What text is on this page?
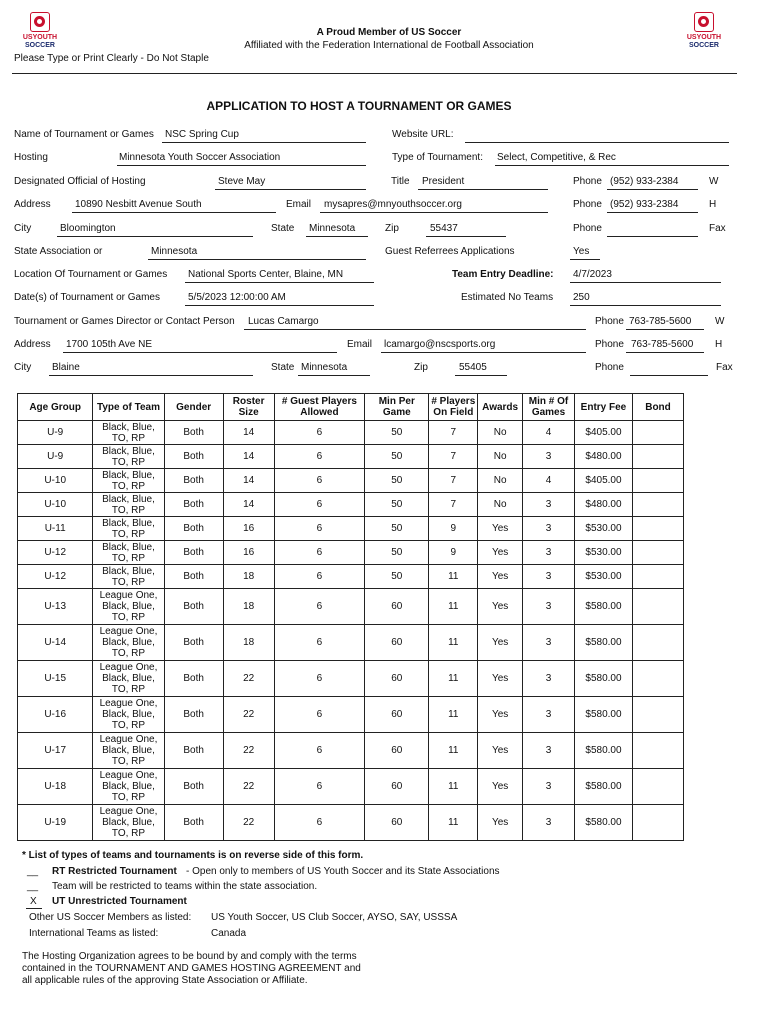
USYOUTH
SOCCER
USYOUTH
SOCCER
A Proud Member of US Soccer
Affiliated with the Federation International de Football Association
Please Type or Print Clearly - Do Not Staple
APPLICATION TO HOST A TOURNAMENT OR GAMES
Name of Tournament or Games NSC Spring Cup	Website URL:
Hosting	Minnesota Youth Soccer Association	Type of Tournament: Select, Competitive, & Rec
Designated Official of Hosting	Steve May	Title President	Phone (952) 933-2384	W
Address 10890 Nesbitt Avenue South	Email mysapres@mnyouthsoccer.org	Phone (952) 933-2384	H
City	Bloomington	State Minnesota	Zip	55437	Phone	Fax
State Association or	Minnesota	Guest Referrees Applications	Yes
Location Of Tournament or Games National Sports Center, Blaine, MN	Team Entry Deadline: 4/7/2023
Date(s) of Tournament or Games	5/5/2023 12:00:00 AM	Estimated No Teams 250
Tournament or Games Director or Contact Person Lucas Camargo	Phone 763-785-5600 W
Address 1700 105th Ave NE	Email lcamargo@nscsports.org	Phone 763-785-5600 H
City Blaine	State Minnesota	Zip	55405	Phone	Fax
Age Group	Type of Team	Gender	Roster Size	# Guest Players Allowed	Min Per Game	# Players On Field	Awards	Min # Of Games	Entry Fee	Bond
U-9	Black, Blue, TO, RP	Both	14	6	50	7	No	4	$405.00	
U-9	Black, Blue, TO, RP	Both	14	6	50	7	No	3	$480.00	
U-10	Black, Blue, TO, RP	Both	14	6	50	7	No	4	$405.00	
U-10	Black, Blue, TO, RP	Both	14	6	50	7	No	3	$480.00	
U-11	Black, Blue, TO, RP	Both	16	6	50	9	Yes	3	$530.00	
U-12	Black, Blue, TO, RP	Both	16	6	50	9	Yes	3	$530.00	
U-12	Black, Blue, TO, RP	Both	18	6	50	11	Yes	3	$530.00	
U-13	League One, Black, Blue, TO, RP	Both	18	6	60	11	Yes	3	$580.00	
U-14	League One, Black, Blue, TO, RP	Both	18	6	60	11	Yes	3	$580.00	
U-15	League One, Black, Blue, TO, RP	Both	22	6	60	11	Yes	3	$580.00	
U-16	League One, Black, Blue, TO, RP	Both	22	6	60	11	Yes	3	$580.00	
U-17	League One, Black, Blue, TO, RP	Both	22	6	60	11	Yes	3	$580.00	
U-18	League One, Black, Blue, TO, RP	Both	22	6	60	11	Yes	3	$580.00	
U-19	League One, Black, Blue, TO, RP	Both	22	6	60	11	Yes	3	$580.00	
* List of types of teams and tournaments is on reverse side of this form.
__ RT Restricted Tournament - Open only to members of US Youth Soccer and its State Associations
__ Team will be restricted to teams within the state association.
X UT Unrestricted Tournament
Other US Soccer Members as listed: US Youth Soccer, US Club Soccer, AYSO, SAY, USSSA
International Teams as listed:	Canada
The Hosting Organization agrees to be bound by and comply with the terms
contained in the TOURNAMENT AND GAMES HOSTING AGREEMENT and
all applicable rules of the approving State Association or Affiliate.
